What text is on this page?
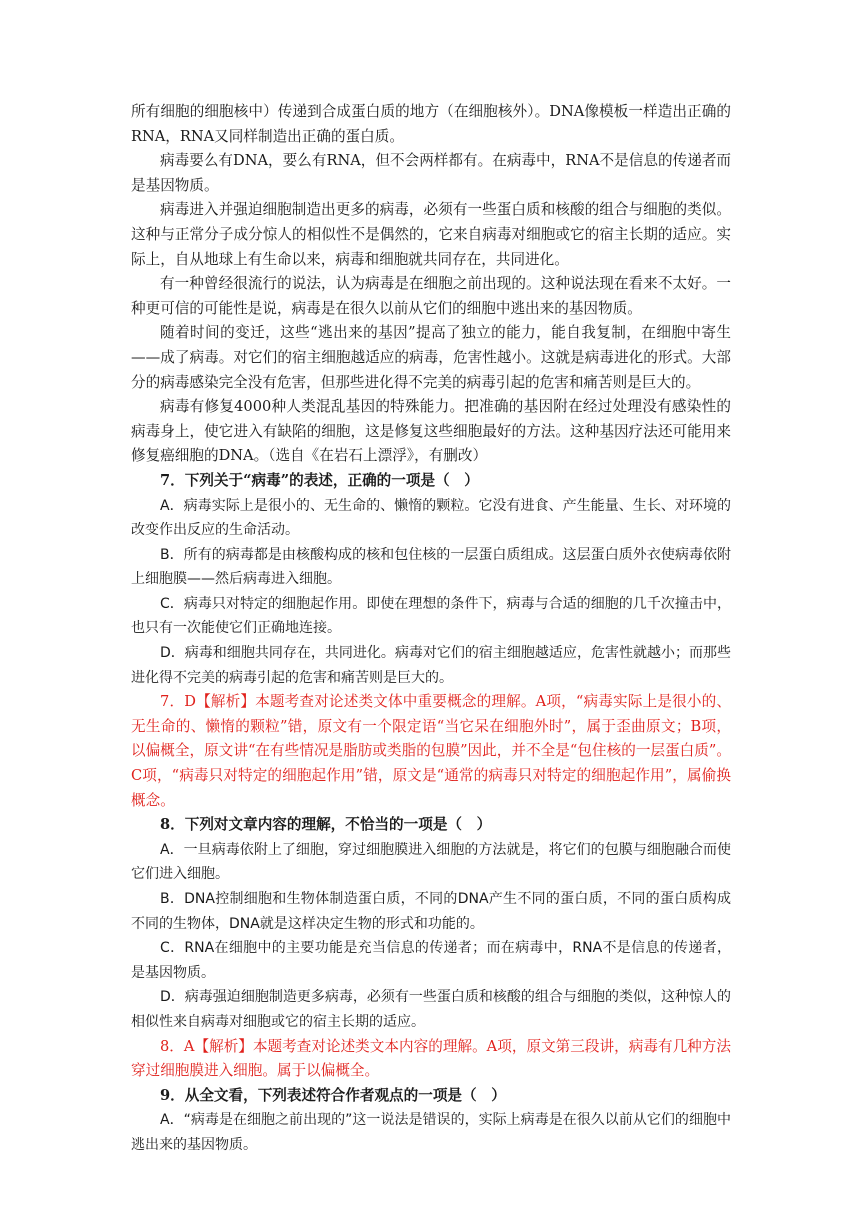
所有细胞的细胞核中）传递到合成蛋白质的地方（在细胞核外）。DNA像模板一样造出正确的RNA，RNA又同样制造出正确的蛋白质。

病毒要么有DNA，要么有RNA，但不会两样都有。在病毒中，RNA不是信息的传递者而是基因物质。

病毒进入并强迫细胞制造出更多的病毒，必须有一些蛋白质和核酸的组合与细胞的类似。这种与正常分子成分惊人的相似性不是偶然的，它来自病毒对细胞或它的宿主长期的适应。实际上，自从地球上有生命以来，病毒和细胞就共同存在，共同进化。

有一种曾经很流行的说法，认为病毒是在细胞之前出现的。这种说法现在看来不太好。一种更可信的可能性是说，病毒是在很久以前从它们的细胞中逃出来的基因物质。

随着时间的变迁，这些“逃出来的基因”提高了独立的能力，能自我复制，在细胞中寄生——成了病毒。对它们的宿主细胞越适应的病毒，危害性越小。这就是病毒进化的形式。大部分的病毒感染完全没有危害，但那些进化得不完美的病毒引起的危害和痛苦则是巨大的。

病毒有修复4000种人类混乱基因的特殊能力。把准确的基因附在经过处理没有感染性的病毒身上，使它进入有缺陷的细胞，这是修复这些细胞最好的方法。这种基因疗法还可能用来修复癌细胞的DNA。（选自《在岩石上漂浮》，有删改）

7．下列关于“病毒”的表述，正确的一项是（　）

A．病毒实际上是很小的、无生命的、懒惰的颗粒。它没有进食、产生能量、生长、对环境的改变作出反应的生命活动。

B．所有的病毒都是由核酸构成的核和包住核的一层蛋白质组成。这层蛋白质外衣使病毒依附上细胞膜——然后病毒进入细胞。

C．病毒只对特定的细胞起作用。即使在理想的条件下，病毒与合适的细胞的几千次撞击中，也只有一次能使它们正确地连接。

D．病毒和细胞共同存在，共同进化。病毒对它们的宿主细胞越适应，危害性就越小；而那些进化得不完美的病毒引起的危害和痛苦则是巨大的。

7．D【解析】本题考查对论述类文体中重要概念的理解。A项，“病毒实际上是很小的、无生命的、懒惰的颗粒”错，原文有一个限定语“当它呆在细胞外时”，属于歪曲原文；B项，以偏概全，原文讲“在有些情况是脂肪或类脂的包膜”因此，并不全是“包住核的一层蛋白质”。C项，“病毒只对特定的细胞起作用”错，原文是“通常的病毒只对特定的细胞起作用”，属偷换概念。

8．下列对文章内容的理解，不恰当的一项是（　）

A．一旦病毒依附上了细胞，穿过细胞膜进入细胞的方法就是，将它们的包膜与细胞融合而使它们进入细胞。

B．DNA控制细胞和生物体制造蛋白质，不同的DNA产生不同的蛋白质，不同的蛋白质构成不同的生物体，DNA就是这样决定生物的形式和功能的。

C．RNA在细胞中的主要功能是充当信息的传递者；而在病毒中，RNA不是信息的传递者，是基因物质。

D．病毒强迫细胞制造更多病毒，必须有一些蛋白质和核酸的组合与细胞的类似，这种惊人的相似性来自病毒对细胞或它的宿主长期的适应。

8．A【解析】本题考查对论述类文本内容的理解。A项，原文第三段讲，病毒有几种方法穿过细胞膜进入细胞。属于以偏概全。

9．从全文看，下列表述符合作者观点的一项是（　）

A．“病毒是在细胞之前出现的”这一说法是错误的，实际上病毒是在很久以前从它们的细胞中逃出来的基因物质。
